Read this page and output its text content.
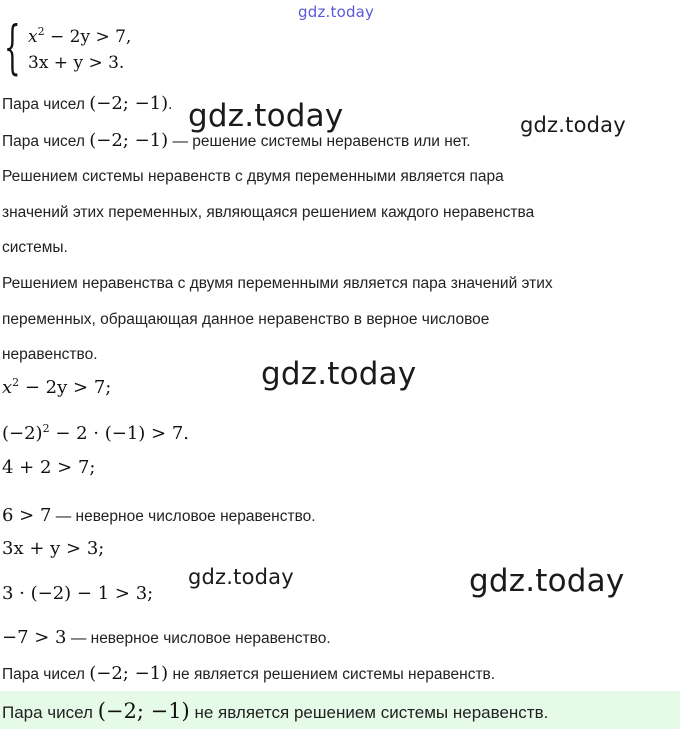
gdz.today
gdz.today	gdz.today
gdz.today
gdz.today	gdz.today
{ $x^2 - 2y > 7$,
3x + y > 3.
Пара чисел (−2; −1).
Пара чисел (−2; −1) — решение системы неравенств или нет.
Решением системы неравенств с двумя переменными является пара
значений этих переменных, являющаяся решением каждого неравенства
системы.
Решением неравенства с двумя переменными является пара значений этих
переменных, обращающая данное неравенство в верное числовое
неравенство.
$x^2 - 2y > 7$;
$(-2)^2 - 2 \cdot (-1) > 7$.
4 + 2 > 7;
6 > 7 — неверное числовое неравенство.
3x + y > 3;
3 · (−2) − 1 > 3;
−7 > 3 — неверное числовое неравенство.
Пара чисел (−2; −1) не является решением системы неравенств.
Пара чисел (−2; −1) не является решением системы неравенств.
